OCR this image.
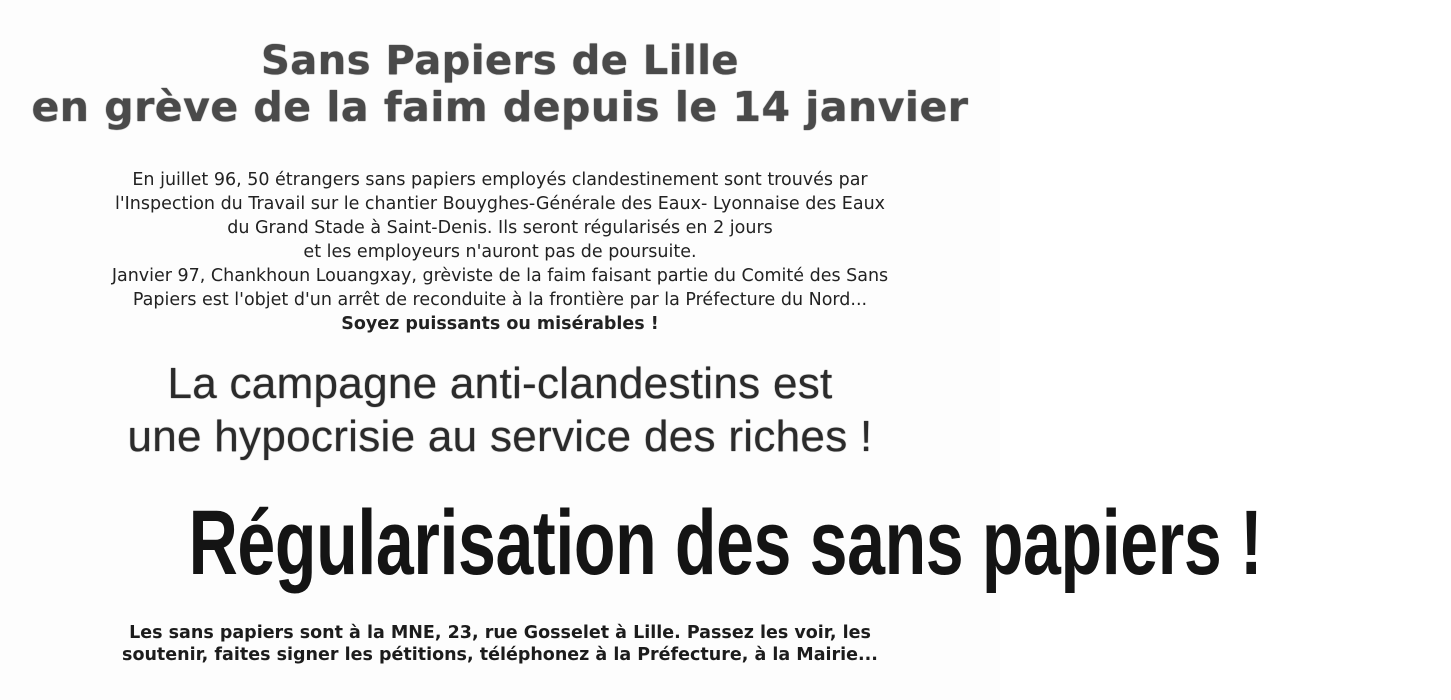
Sans Papiers de Lille
en grève de la faim depuis le 14 janvier
En juillet 96, 50 étrangers sans papiers employés clandestinement sont trouvés par
l'Inspection du Travail sur le chantier Bouyghes-Générale des Eaux- Lyonnaise des Eaux
du Grand Stade à Saint-Denis. Ils seront régularisés en 2 jours
et les employeurs n'auront pas de poursuite.
Janvier 97, Chankhoun Louangxay, grèviste de la faim faisant partie du Comité des Sans
Papiers est l'objet d'un arrêt de reconduite à la frontière par la Préfecture du Nord...
Soyez puissants ou misérables !
La campagne anti-clandestins est
une hypocrisie au service des riches !
Régularisation des sans papiers !
Les sans papiers sont à la MNE, 23, rue Gosselet à Lille. Passez les voir, les
soutenir, faites signer les pétitions, téléphonez à la Préfecture, à la Mairie...
